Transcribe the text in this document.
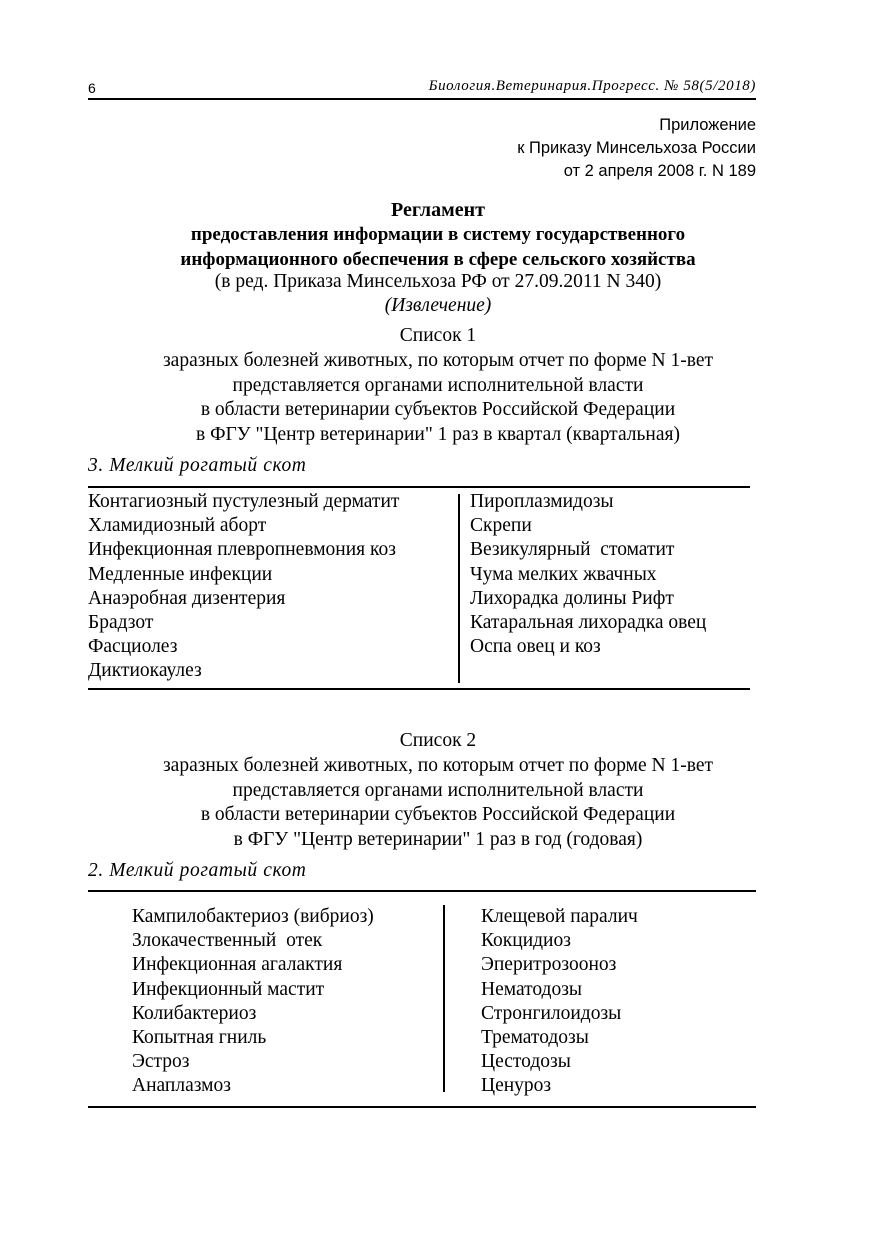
6	Биология.Ветеринария.Прогресс. № 58(5/2018)
Приложение
к Приказу Минсельхоза России
от 2 апреля 2008 г. N 189
Регламент
предоставления информации в систему государственного
информационного обеспечения в сфере сельского хозяйства
(в ред. Приказа Минсельхоза РФ от 27.09.2011 N 340)
(Извлечение)
Список 1
заразных болезней животных, по которым отчет по форме N 1-вет
представляется органами исполнительной власти
в области ветеринарии субъектов Российской Федерации
в ФГУ "Центр ветеринарии" 1 раз в квартал (квартальная)
3. Мелкий рогатый скот
Контагиозный пустулезный дерматит
Хламидиозный аборт
Инфекционная плевропневмония коз
Медленные инфекции
Анаэробная дизентерия
Брадзот
Фасциолез
Диктиокаулез
Пироплазмидозы
Скрепи
Везикулярный  стоматит
Чума мелких жвачных
Лихорадка долины Рифт
Катаральная лихорадка овец
Оспа овец и коз
Список 2
заразных болезней животных, по которым отчет по форме N 1-вет
представляется органами исполнительной власти
в области ветеринарии субъектов Российской Федерации
в ФГУ "Центр ветеринарии" 1 раз в год (годовая)
2. Мелкий рогатый скот
Кампилобактериоз (вибриоз)
Злокачественный  отек
Инфекционная агалактия
Инфекционный мастит
Колибактериоз
Копытная гниль
Эстроз
Анаплазмоз
Клещевой паралич
Кокцидиоз
Эперитрозооноз
Нематодозы
Стронгилоидозы
Трематодозы
Цестодозы
Ценуроз
